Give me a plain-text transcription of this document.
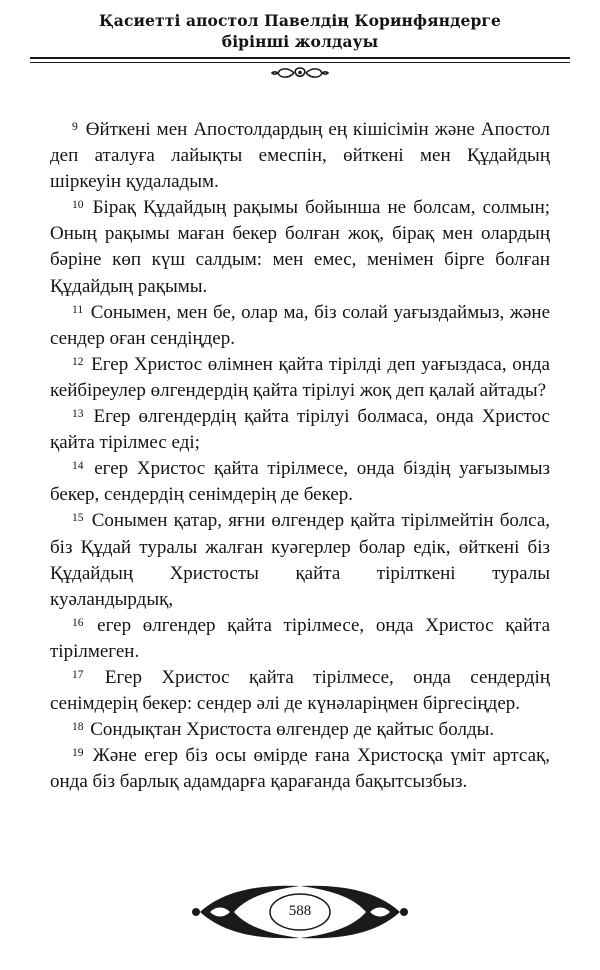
Қасиетті апостол Павелдің Коринфяндерге

бірінші жолдауы

$^9$ Өйткені мен Апостолдардың ең кішісімін және Апостол деп аталуға лайықты емеспін, өйткені мен Құдайдың шіркеуін қудаладым.

$^{10}$ Бірақ Құдайдың рақымы бойынша не болсам, солмын; Оның рақымы маған бекер болған жоқ, бірақ мен олардың бәріне көп күш салдым: мен емес, менімен бірге болған Құдайдың рақымы.

$^{11}$ Сонымен, мен бе, олар ма, біз солай уағыздаймыз, және сендер оған сендіңдер.

$^{12}$ Егер Христос өлімнен қайта тірілді деп уағыздаса, онда кейбіреулер өлгендердің қайта тірілуі жоқ деп қалай айтады?

$^{13}$ Егер өлгендердің қайта тірілуі болмаса, онда Христос қайта тірілмес еді;

$^{14}$ егер Христос қайта тірілмесе, онда біздің уағызымыз бекер, сендердің сенімдерің де бекер.

$^{15}$ Сонымен қатар, яғни өлгендер қайта тірілмейтін болса, біз Құдай туралы жалған куәгерлер болар едік, өйткені біз Құдайдың Христосты қайта тірілткені туралы куәландырдық,

$^{16}$ егер өлгендер қайта тірілмесе, онда Христос қайта тірілмеген.

$^{17}$ Егер Христос қайта тірілмесе, онда сендердің сенімдерің бекер: сендер әлі де күнәларіңмен біргесіңдер.

$^{18}$ Сондықтан Христоста өлгендер де қайтыс болды.

$^{19}$ Және егер біз осы өмірде ғана Христосқа үміт артсақ, онда біз барлық адамдарға қарағанда бақытсызбыз.

588
